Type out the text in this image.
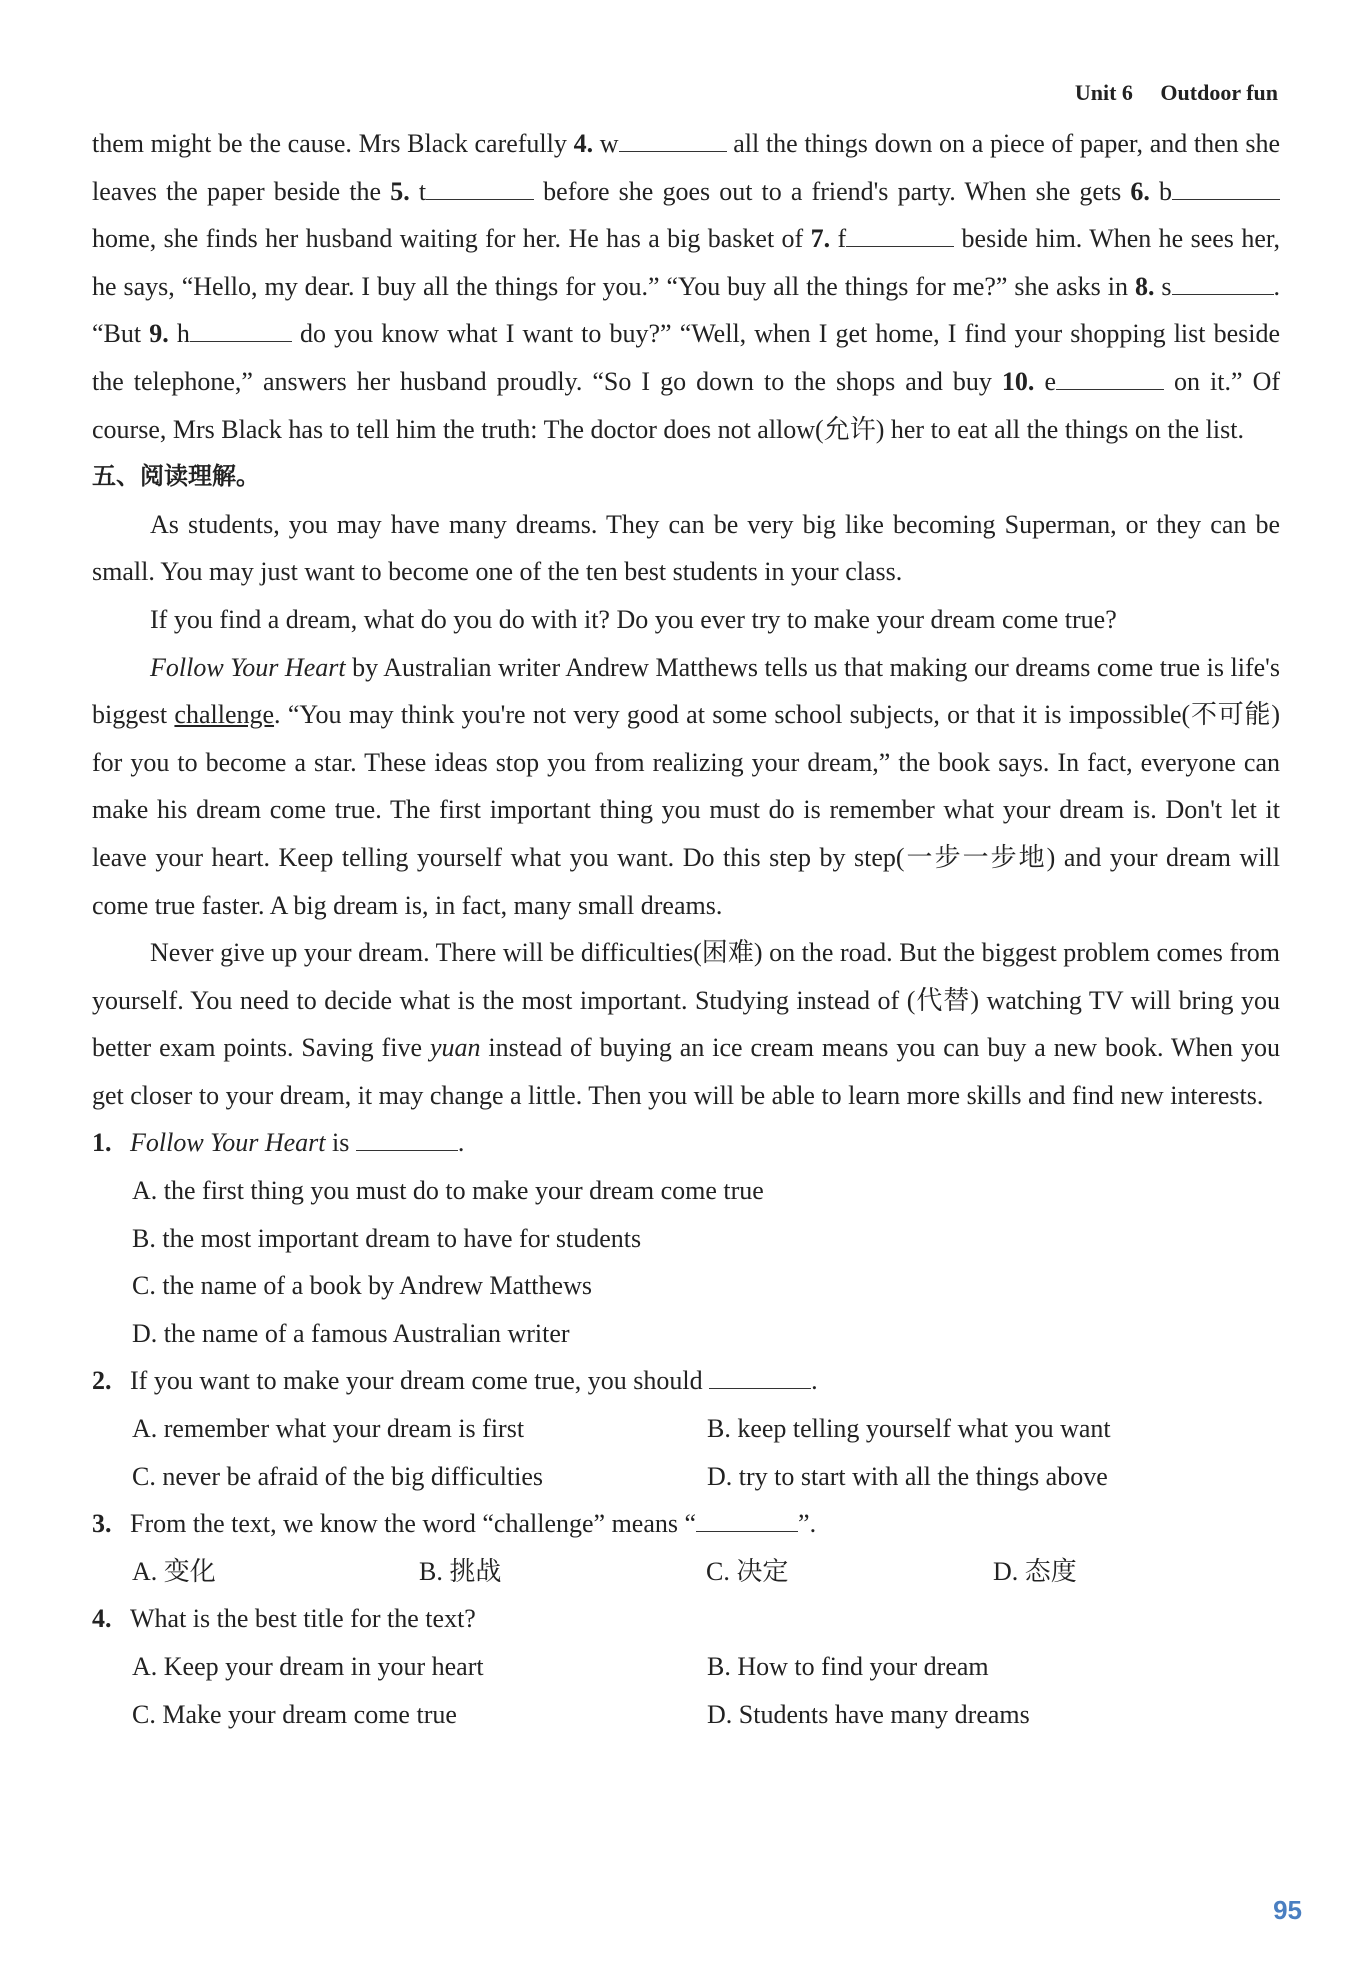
Unit 6 Outdoor fun

them might be the cause. Mrs Black carefully 4. w	all the things down on a piece of paper, and then she leaves the paper beside the 5. t	before she goes out to a friend's party. When she gets 6. b home, she finds her husband waiting for her. He has a big basket of 7. f	beside him. When he sees her, he says, “Hello, my dear. I buy all the things for you.” “You buy all the things for me?” she asks in 8. s	. “But 9. h	do you know what I want to buy?” “Well, when I get home, I find your shopping list beside the telephone,” answers her husband proudly. “So I go down to the shops and buy 10. e	on it.” Of course, Mrs Black has to tell him the truth: The doctor does not allow(允许) her to eat all the things on the list.

五、阅读理解。

As students, you may have many dreams. They can be very big like becoming Superman, or they can be small. You may just want to become one of the ten best students in your class.

If you find a dream, what do you do with it? Do you ever try to make your dream come true?

Follow Your Heart by Australian writer Andrew Matthews tells us that making our dreams come true is life's biggest challenge. “You may think you're not very good at some school subjects, or that it is impossible(不可能) for you to become a star. These ideas stop you from realizing your dream,” the book says. In fact, everyone can make his dream come true. The first important thing you must do is remember what your dream is. Don't let it leave your heart. Keep telling yourself what you want. Do this step by step(一步一步地) and your dream will come true faster. A big dream is, in fact, many small dreams.

Never give up your dream. There will be difficulties(困难) on the road. But the biggest problem comes from yourself. You need to decide what is the most important. Studying instead of (代替) watching TV will bring you better exam points. Saving five yuan instead of buying an ice cream means you can buy a new book. When you get closer to your dream, it may change a little. Then you will be able to learn more skills and find new interests.

1. Follow Your Heart is	.
A. the first thing you must do to make your dream come true
B. the most important dream to have for students
C. the name of a book by Andrew Matthews
D. the name of a famous Australian writer
2. If you want to make your dream come true, you should	.
A. remember what your dream is first	B. keep telling yourself what you want
C. never be afraid of the big difficulties	D. try to start with all the things above
3. From the text, we know the word “challenge” means “	”.
A. 变化	B. 挑战	C. 决定	D. 态度
4. What is the best title for the text?
A. Keep your dream in your heart	B. How to find your dream
C. Make your dream come true	D. Students have many dreams
95
